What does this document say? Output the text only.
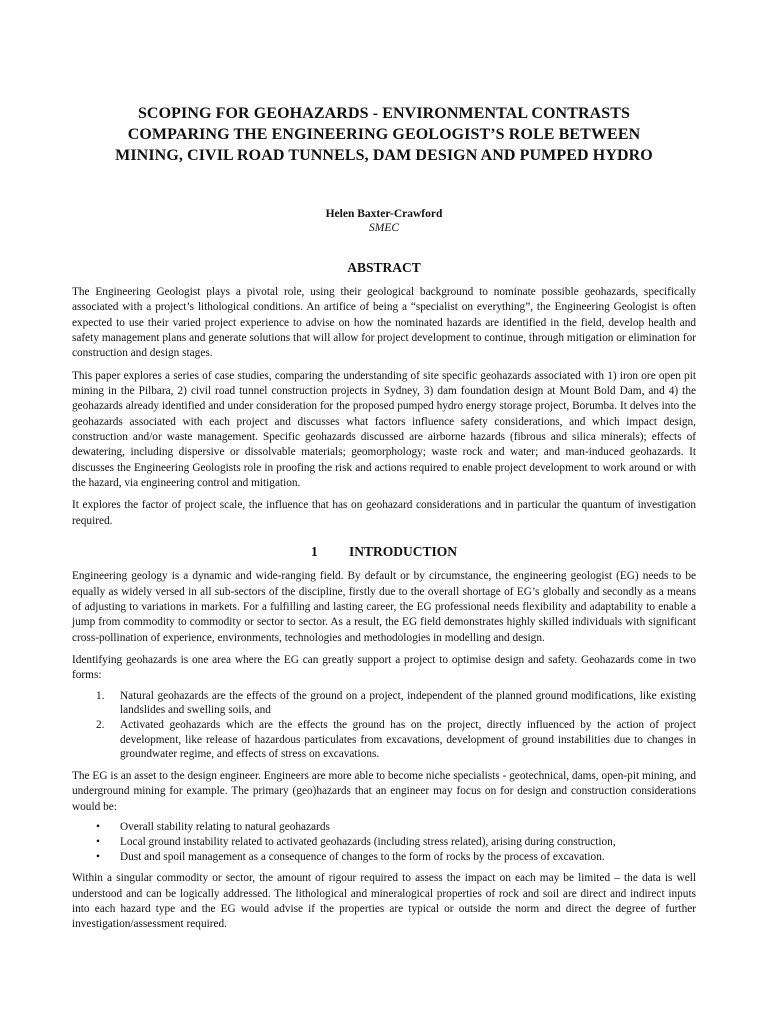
SCOPING FOR GEOHAZARDS - ENVIRONMENTAL CONTRASTS
COMPARING THE ENGINEERING GEOLOGIST’S ROLE BETWEEN
MINING, CIVIL ROAD TUNNELS, DAM DESIGN AND PUMPED HYDRO
Helen Baxter-Crawford
SMEC
ABSTRACT

The Engineering Geologist plays a pivotal role, using their geological background to nominate possible geohazards, specifically associated with a project’s lithological conditions. An artifice of being a “specialist on everything”, the Engineering Geologist is often expected to use their varied project experience to advise on how the nominated hazards are identified in the field, develop health and safety management plans and generate solutions that will allow for project development to continue, through mitigation or elimination for construction and design stages.

This paper explores a series of case studies, comparing the understanding of site specific geohazards associated with 1) iron ore open pit mining in the Pilbara, 2) civil road tunnel construction projects in Sydney, 3) dam foundation design at Mount Bold Dam, and 4) the geohazards already identified and under consideration for the proposed pumped hydro energy storage project, Borumba. It delves into the geohazards associated with each project and discusses what factors influence safety considerations, and which impact design, construction and/or waste management. Specific geohazards discussed are airborne hazards (fibrous and silica minerals); effects of dewatering, including dispersive or dissolvable materials; geomorphology; waste rock and water; and man-induced geohazards. It discusses the Engineering Geologists role in proofing the risk and actions required to enable project development to work around or with the hazard, via engineering control and mitigation.

It explores the factor of project scale, the influence that has on geohazard considerations and in particular the quantum of investigation required.

1 INTRODUCTION

Engineering geology is a dynamic and wide-ranging field. By default or by circumstance, the engineering geologist (EG) needs to be equally as widely versed in all sub-sectors of the discipline, firstly due to the overall shortage of EG’s globally and secondly as a means of adjusting to variations in markets. For a fulfilling and lasting career, the EG professional needs flexibility and adaptability to enable a jump from commodity to commodity or sector to sector. As a result, the EG field demonstrates highly skilled individuals with significant cross-pollination of experience, environments, technologies and methodologies in modelling and design.

Identifying geohazards is one area where the EG can greatly support a project to optimise design and safety. Geohazards come in two forms:

1. Natural geohazards are the effects of the ground on a project, independent of the planned ground modifications, like existing landslides and swelling soils, and
2. Activated geohazards which are the effects the ground has on the project, directly influenced by the action of project development, like release of hazardous particulates from excavations, development of ground instabilities due to changes in groundwater regime, and effects of stress on excavations.

The EG is an asset to the design engineer. Engineers are more able to become niche specialists - geotechnical, dams, open-pit mining, and underground mining for example. The primary (geo)hazards that an engineer may focus on for design and construction considerations would be:

• Overall stability relating to natural geohazards
• Local ground instability related to activated geohazards (including stress related), arising during construction,
• Dust and spoil management as a consequence of changes to the form of rocks by the process of excavation.

Within a singular commodity or sector, the amount of rigour required to assess the impact on each may be limited – the data is well understood and can be logically addressed. The lithological and mineralogical properties of rock and soil are direct and indirect inputs into each hazard type and the EG would advise if the properties are typical or outside the norm and direct the degree of further investigation/assessment required.
